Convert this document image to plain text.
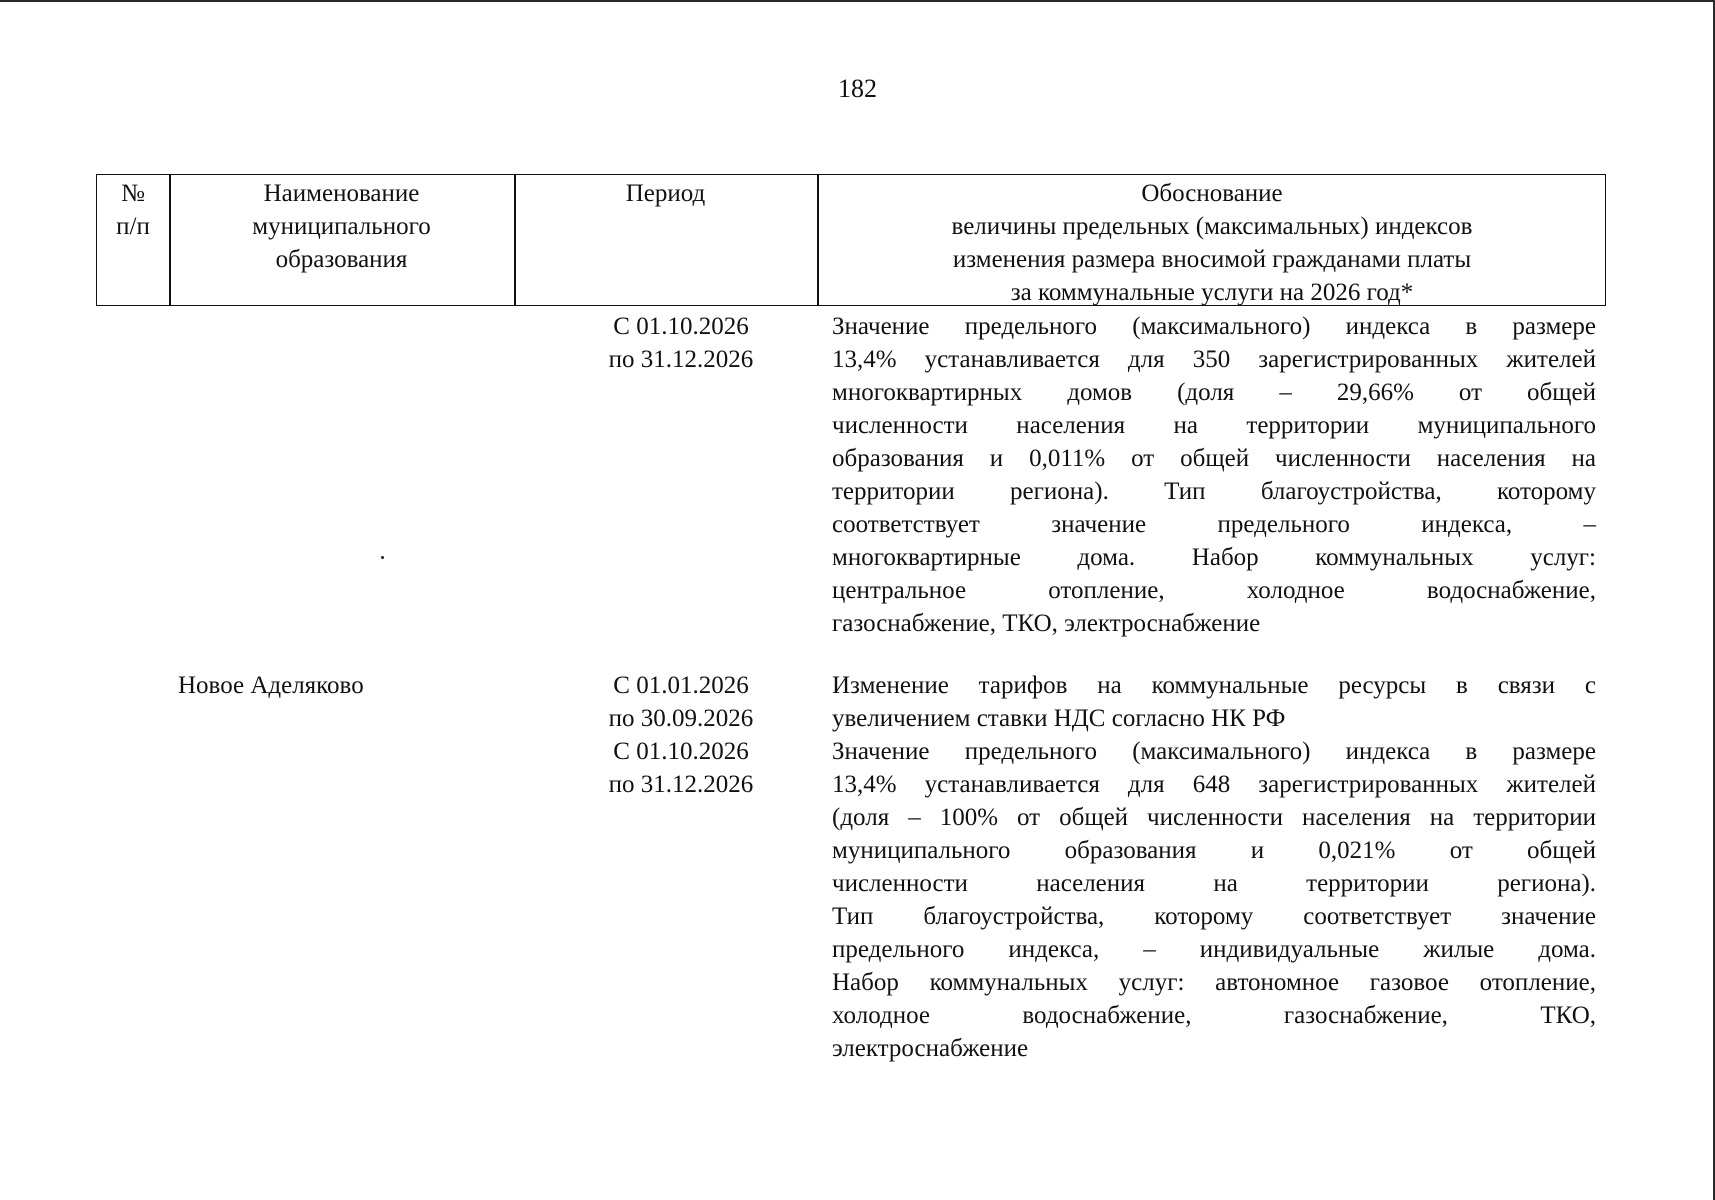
182
№
п/п
Наименование
муниципального
образования
Период	Обоснование
величины предельных (максимальных) индексов
изменения размера вносимой гражданами платы
за коммунальные услуги на 2026 год*
С 01.10.2026
по 31.12.2026
Значение предельного (максимального) индекса в размере
13,4% устанавливается для 350 зарегистрированных жителей
многоквартирных домов (доля – 29,66% от общей
численности населения на территории муниципального
образования и 0,011% от общей численности населения на
территории региона). Тип благоустройства, которому
соответствует значение предельного индекса, –
многоквартирные дома. Набор коммунальных услуг:
центральное отопление, холодное водоснабжение,
газоснабжение, ТКО, электроснабжение
Новое Аделяково	С 01.01.2026
по 30.09.2026
С 01.10.2026
по 31.12.2026
Изменение тарифов на коммунальные ресурсы в связи с
увеличением ставки НДС согласно НК РФ
Значение предельного (максимального) индекса в размере
13,4% устанавливается для 648 зарегистрированных жителей
(доля – 100% от общей численности населения на территории
муниципального образования и 0,021% от общей
численности населения на территории региона).
Тип благоустройства, которому соответствует значение
предельного индекса, – индивидуальные жилые дома.
Набор коммунальных услуг: автономное газовое отопление,
холодное водоснабжение, газоснабжение, ТКО,
электроснабжение
